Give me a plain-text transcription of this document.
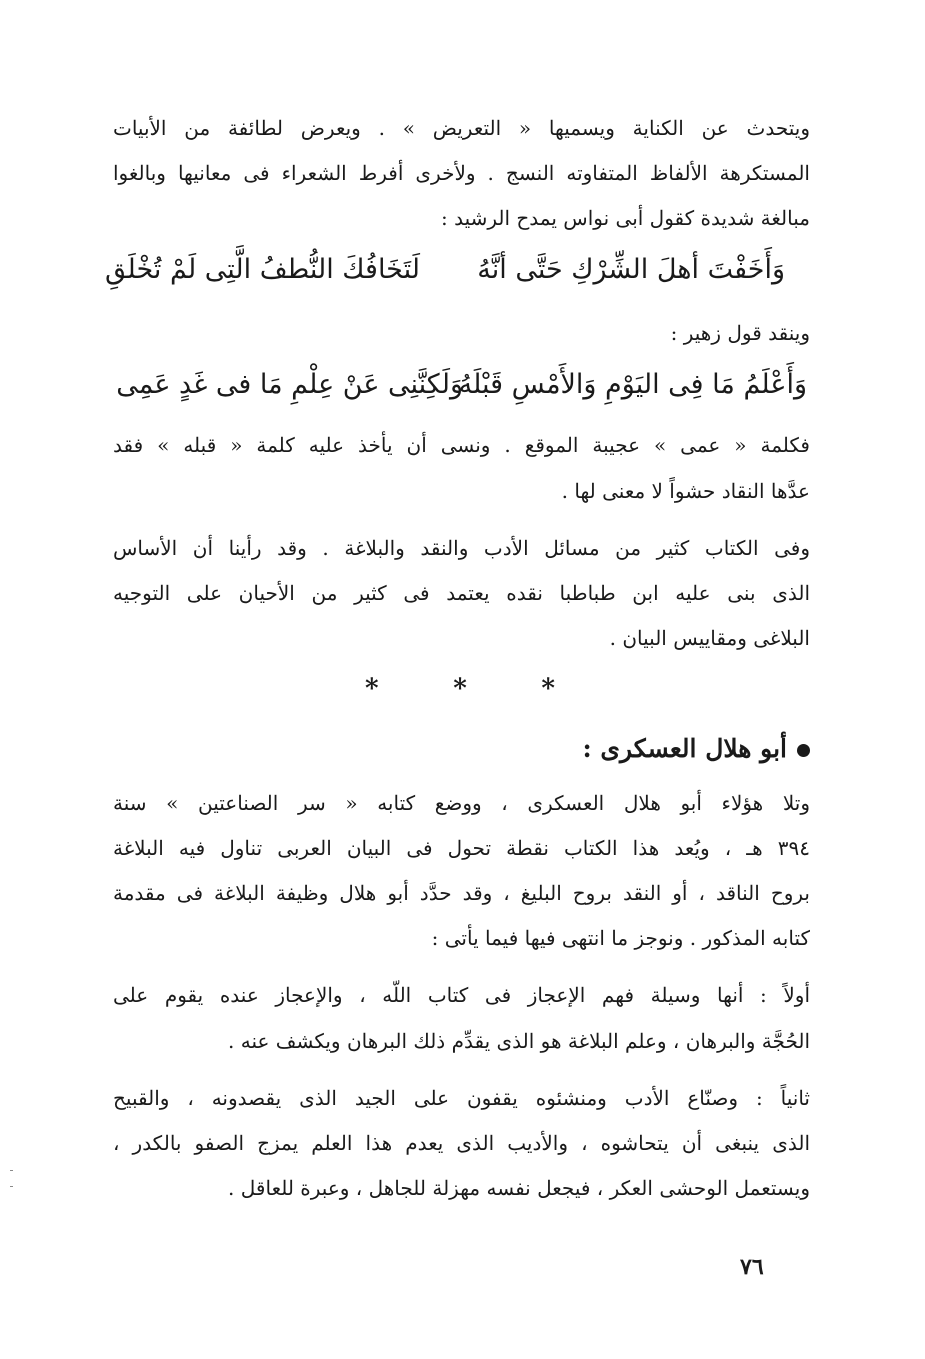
ويتحدث عن الكناية ويسميها « التعريض » . ويعرض لطائفة من الأبيات
المستكرهة الألفاظ المتفاوته النسج . ولأخرى أفرط الشعراء فى معانيها وبالغوا
مبالغة شديدة كقول أبى نواس يمدح الرشيد :
وَأَخَفْتَ أهلَ الشِّرْكِ حَتَّى أنَّهُ
لَتَخَافُكَ النُّطفُ الَّتِى لَمْ تُخْلَقِ
وينقد قول زهير :
وَأَعْلَمُ مَا فِى اليَوْمِ وَالأَمْسِ قَبْلَهُ
وَلَكِنَّنِى عَنْ عِلْمِ مَا فى غَدٍ عَمِى
فكلمة « عمى » عجيبة الموقع . ونسى أن يأخذ عليه كلمة « قبله » فقد
عدَّها النقاد حشواً لا معنى لها .
وفى الكتاب كثير من مسائل الأدب والنقد والبلاغة . وقد رأينا أن الأساس
الذى بنى عليه ابن طباطبا نقده يعتمد فى كثير من الأحيان على التوجيه
البلاغى ومقاييس البيان .
*	*	*
أبو هلال العسكرى :
وتلا هؤلاء أبو هلال العسكرى ، ووضع كتابه « سر الصناعتين » سنة
٣٩٤ هـ ، ويُعد هذا الكتاب نقطة تحول فى البيان العربى تناول فيه البلاغة
بروح الناقد ، أو النقد بروح البليغ ، وقد حدَّد أبو هلال وظيفة البلاغة فى مقدمة
كتابه المذكور . ونوجز ما انتهى فيها فيما يأتى :
أولاً : أنها وسيلة فهم الإعجاز فى كتاب اللّه ، والإعجاز عنده يقوم على
الحُجَّة والبرهان ، وعلم البلاغة هو الذى يقدِّم ذلك البرهان ويكشف عنه .
ثانياً : وصنّاع الأدب ومنشئوه يقفون على الجيد الذى يقصدونه ، والقبيح
الذى ينبغى أن يتحاشوه ، والأديب الذى يعدم هذا العلم يمزج الصفو بالكدر ،
ويستعمل الوحشى العكر ، فيجعل نفسه مهزلة للجاهل ، وعبرة للعاقل .
٧٦
